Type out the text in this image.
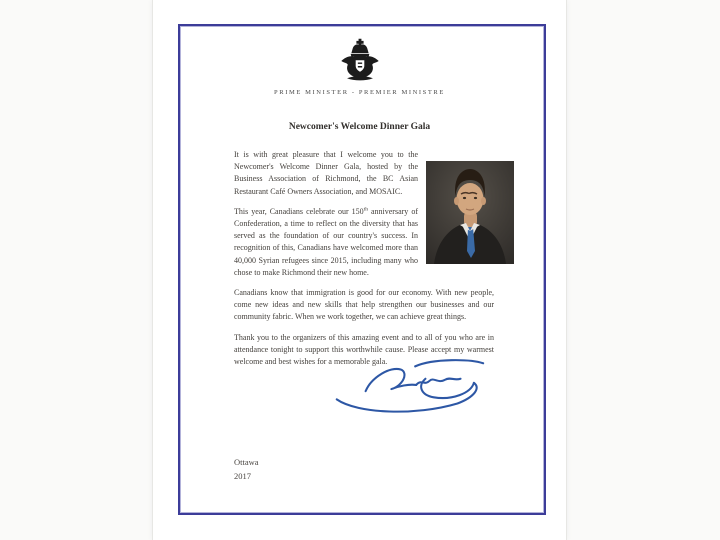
PRIME MINISTER - PREMIER MINISTRE
Newcomer's Welcome Dinner Gala

It is with great pleasure that I welcome you to the Newcomer's Welcome Dinner Gala, hosted by the Business Association of Richmond, the BC Asian Restaurant Café Owners Association, and MOSAIC.

This year, Canadians celebrate our 150th anniversary of Confederation, a time to reflect on the diversity that has served as the foundation of our country's success. In recognition of this, Canadians have welcomed more than 40,000 Syrian refugees since 2015, including many who chose to make Richmond their new home.

Canadians know that immigration is good for our economy. With new people, come new ideas and new skills that help strengthen our businesses and our community fabric. When we work together, we can achieve great things.

Thank you to the organizers of this amazing event and to all of you who are in attendance tonight to support this worthwhile cause. Please accept my warmest welcome and best wishes for a memorable gala.

Ottawa
2017
